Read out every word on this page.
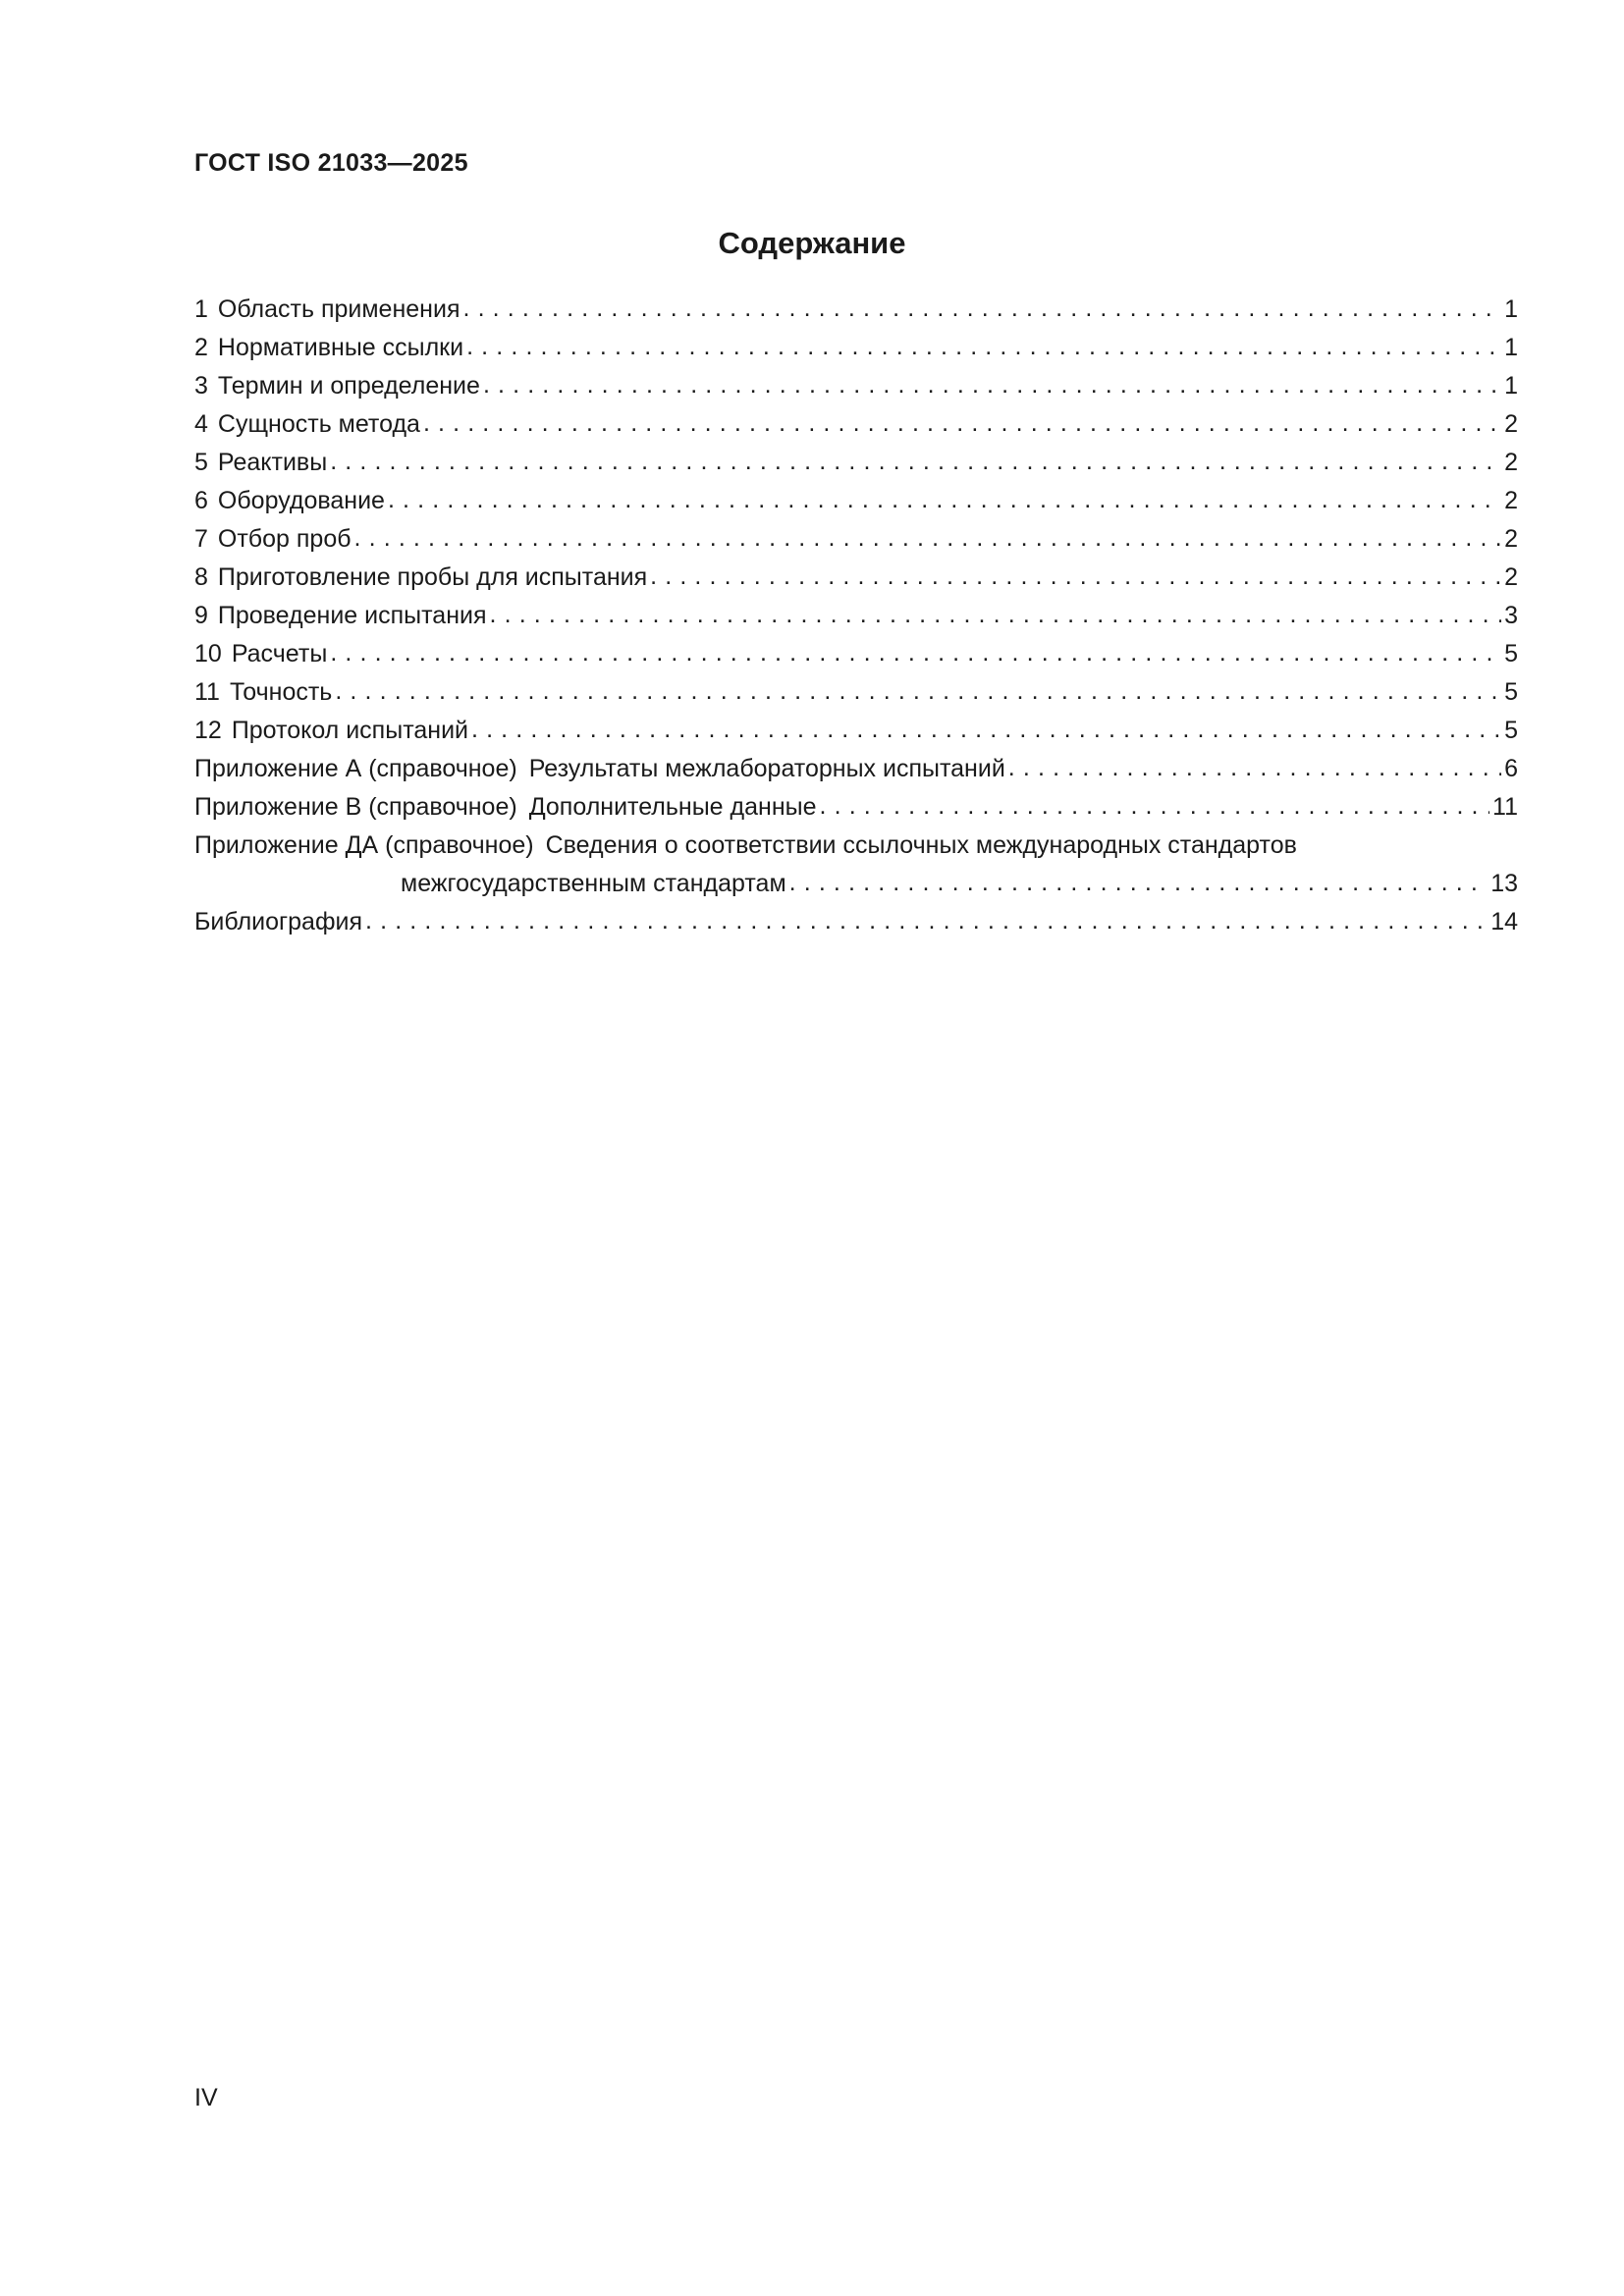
ГОСТ ISO 21033—2025
Содержание
1 Область применения . . .	1
2 Нормативные ссылки . . .	1
3 Термин и определение . . .	1
4 Сущность метода . . .	2
5 Реактивы . . .	2
6 Оборудование . . .	2
7 Отбор проб . . .	2
8 Приготовление пробы для испытания . . .	2
9 Проведение испытания . . .	3
10 Расчеты . . .	5
11 Точность . . .	5
12 Протокол испытаний . . .	5
Приложение А (справочное) Результаты межлабораторных испытаний . . .	6
Приложение В (справочное) Дополнительные данные . . .	11
Приложение ДА (справочное) Сведения о соответствии ссылочных международных стандартов
межгосударственным стандартам . . .	13
Библиография . . .	14
IV
